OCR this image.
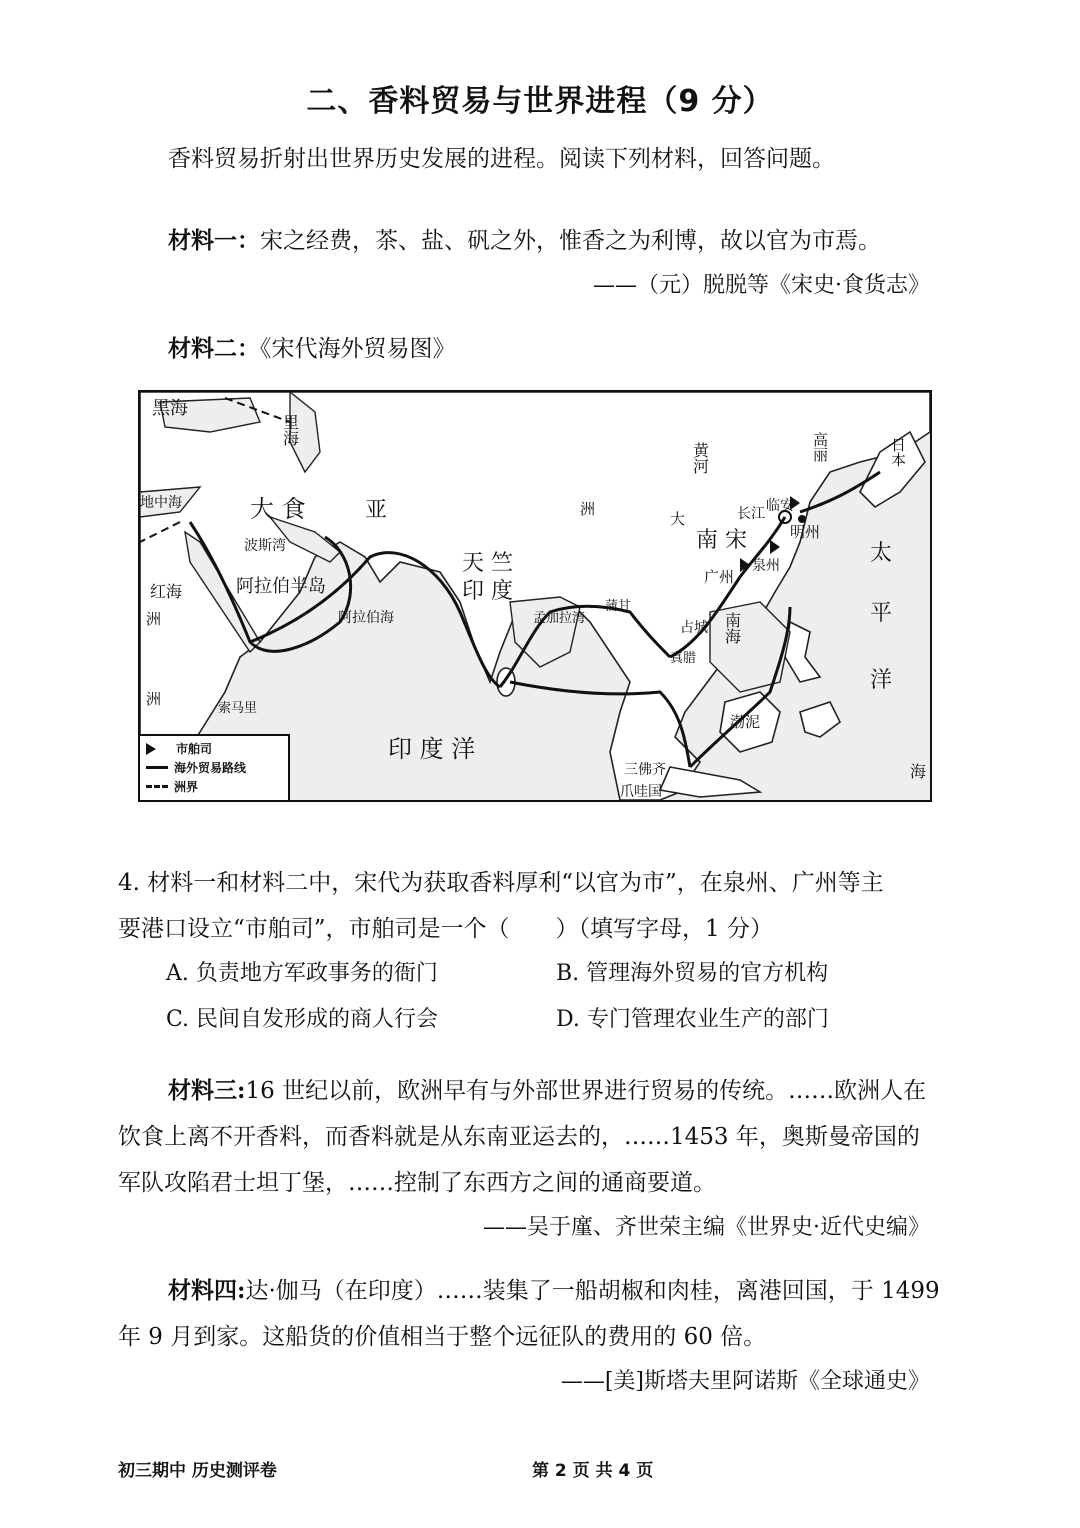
二、香料贸易与世界进程（9 分）
香料贸易折射出世界历史发展的进程。阅读下列材料，回答问题。
材料一：宋之经费，茶、盐、矾之外，惟香之为利博，故以官为市焉。
——（元）脱脱等《宋史·食货志》
材料二：《宋代海外贸易图》
黑海
里海
地中海	大 食	亚
波斯湾
阿拉伯半岛
红海
洲
洲
索马里
阿拉伯海
天 竺
印 度
孟加拉湾
蒲甘
印 度 洋
洲
黄河
长江
大
临安
南 宋	明州
广州
泉州
占城
真腊
南海
渤泥
三佛齐
爪哇国
高丽	日本
太
平
洋
海
市舶司
海外贸易路线
洲界
4. 材料一和材料二中，宋代为获取香料厚利“以官为市”，在泉州、广州等主
要港口设立“市舶司”，市舶司是一个（　　）（填写字母，1 分）
A. 负责地方军政事务的衙门	B. 管理海外贸易的官方机构
C. 民间自发形成的商人行会	D. 专门管理农业生产的部门
材料三:16 世纪以前，欧洲早有与外部世界进行贸易的传统。……欧洲人在
饮食上离不开香料，而香料就是从东南亚运去的，……1453 年，奥斯曼帝国的
军队攻陷君士坦丁堡，……控制了东西方之间的通商要道。
——吴于廑、齐世荣主编《世界史·近代史编》
材料四:达·伽马（在印度）……装集了一船胡椒和肉桂，离港回国，于 1499
年 9 月到家。这船货的价值相当于整个远征队的费用的 60 倍。
——[美]斯塔夫里阿诺斯《全球通史》
初三期中 历史测评卷	第 2 页 共 4 页
